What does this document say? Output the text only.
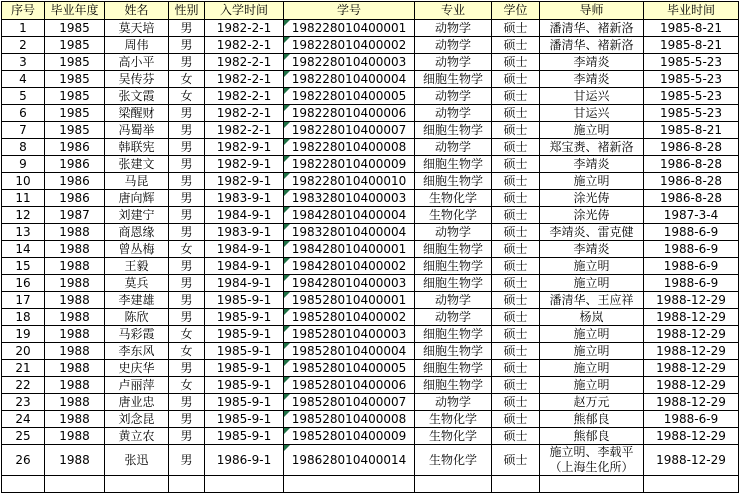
序号	毕业年度	姓名	性别	入学时间	学号	专业	学位	导师	毕业时间
1	1985	莫天培	男	1982-2-1	198228010400001	动物学	硕士	潘清华、褚新洛	1985-8-21
2	1985	周伟	男	1982-2-1	198228010400002	动物学	硕士	潘清华、褚新洛	1985-8-21
3	1985	高小平	男	1982-2-1	198228010400003	动物学	硕士	李靖炎	1985-5-23
4	1985	吴传芬	女	1982-2-1	198228010400004	细胞生物学	硕士	李靖炎	1985-5-23
5	1985	张文霞	女	1982-2-1	198228010400005	动物学	硕士	甘运兴	1985-5-23
6	1985	梁醒财	男	1982-2-1	198228010400006	动物学	硕士	甘运兴	1985-5-23
7	1985	冯蜀举	男	1982-2-1	198228010400007	细胞生物学	硕士	施立明	1985-8-21
8	1986	韩联宪	男	1982-9-1	198228010400008	动物学	硕士	郑宝赉、褚新洛	1986-8-28
9	1986	张建文	男	1982-9-1	198228010400009	细胞生物学	硕士	李靖炎	1986-8-28
10	1986	马昆	男	1982-9-1	198228010400010	细胞生物学	硕士	施立明	1986-8-28
11	1986	唐向辉	男	1983-9-1	198328010400003	生物化学	硕士	涂光俦	1986-8-28
12	1987	刘建宁	男	1984-9-1	198428010400004	生物化学	硕士	涂光俦	1987-3-4
13	1988	商恩缘	男	1983-9-1	198328010400004	动物学	硕士	李靖炎、雷克健	1988-6-9
14	1988	曾丛梅	女	1984-9-1	198428010400001	细胞生物学	硕士	李靖炎	1988-6-9
15	1988	王毅	男	1984-9-1	198428010400002	细胞生物学	硕士	施立明	1988-6-9
16	1988	莫兵	男	1984-9-1	198428010400003	细胞生物学	硕士	施立明	1988-6-9
17	1988	李建雄	男	1985-9-1	198528010400001	动物学	硕士	潘清华、王应祥	1988-12-29
18	1988	陈欣	男	1985-9-1	198528010400002	动物学	硕士	杨岚	1988-12-29
19	1988	马彩霞	女	1985-9-1	198528010400003	细胞生物学	硕士	施立明	1988-12-29
20	1988	李东风	女	1985-9-1	198528010400004	细胞生物学	硕士	施立明	1988-12-29
21	1988	史庆华	男	1985-9-1	198528010400005	细胞生物学	硕士	施立明	1988-12-29
22	1988	卢丽萍	女	1985-9-1	198528010400006	细胞生物学	硕士	施立明	1988-12-29
23	1988	唐业忠	男	1985-9-1	198528010400007	动物学	硕士	赵万元	1988-12-29
24	1988	刘念昆	男	1985-9-1	198528010400008	生物化学	硕士	熊郁良	1988-6-9
25	1988	黄立农	男	1985-9-1	198528010400009	生物化学	硕士	熊郁良	1988-12-29
26	1988	张迅	男	1986-9-1	198628010400014	生物化学	硕士	施立明、李载平（上海生化所）	1988-12-29
